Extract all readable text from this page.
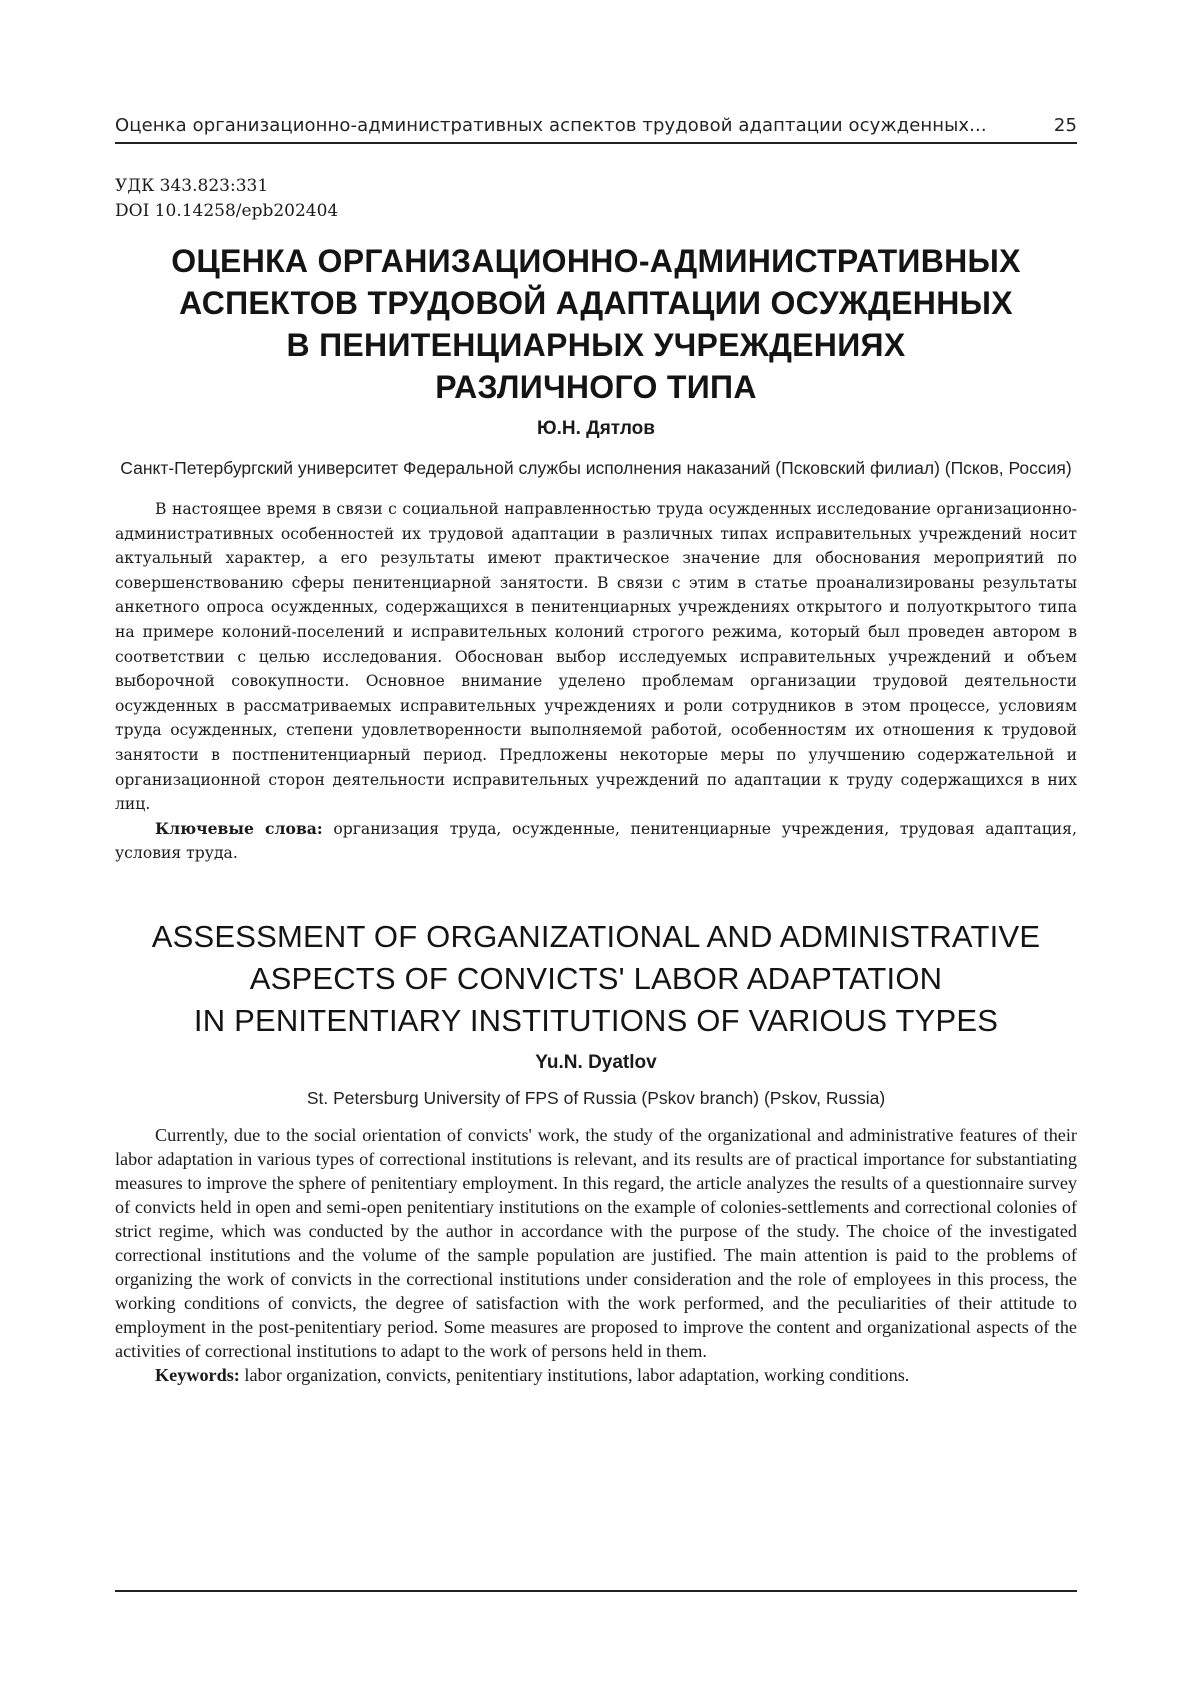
Оценка организационно-административных аспектов трудовой адаптации осужденных...	25
УДК 343.823:331
DOI 10.14258/epb202404
ОЦЕНКА ОРГАНИЗАЦИОННО-АДМИНИСТРАТИВНЫХ
АСПЕКТОВ ТРУДОВОЙ АДАПТАЦИИ ОСУЖДЕННЫХ
В ПЕНИТЕНЦИАРНЫХ УЧРЕЖДЕНИЯХ
РАЗЛИЧНОГО ТИПА
Ю.Н. Дятлов
Санкт-Петербургский университет Федеральной службы исполнения наказаний (Псковский филиал) (Псков, Россия)

В настоящее время в связи с социальной направленностью труда осужденных исследование организационно-административных особенностей их трудовой адаптации в различных типах исправительных учреждений носит актуальный характер, а его результаты имеют практическое значение для обоснования мероприятий по совершенствованию сферы пенитенциарной занятости. В связи с этим в статье проанализированы результаты анкетного опроса осужденных, содержащихся в пенитенциарных учреждениях открытого и полуоткрытого типа на примере колоний-поселений и исправительных колоний строгого режима, который был проведен автором в соответствии с целью исследования. Обоснован выбор исследуемых исправительных учреждений и объем выборочной совокупности. Основное внимание уделено проблемам организации трудовой деятельности осужденных в рассматриваемых исправительных учреждениях и роли сотрудников в этом процессе, условиям труда осужденных, степени удовлетворенности выполняемой работой, особенностям их отношения к трудовой занятости в постпенитенциарный период. Предложены некоторые меры по улучшению содержательной и организационной сторон деятельности исправительных учреждений по адаптации к труду содержащихся в них лиц.

Ключевые слова: организация труда, осужденные, пенитенциарные учреждения, трудовая адаптация, условия труда.

ASSESSMENT OF ORGANIZATIONAL AND ADMINISTRATIVE
ASPECTS OF CONVICTS' LABOR ADAPTATION
IN PENITENTIARY INSTITUTIONS OF VARIOUS TYPES
Yu.N. Dyatlov
St. Petersburg University of FPS of Russia (Pskov branch) (Pskov, Russia)

Currently, due to the social orientation of convicts' work, the study of the organizational and administrative features of their labor adaptation in various types of correctional institutions is relevant, and its results are of practical importance for substantiating measures to improve the sphere of penitentiary employment. In this regard, the article analyzes the results of a questionnaire survey of convicts held in open and semi-open penitentiary institutions on the example of colonies-settlements and correctional colonies of strict regime, which was conducted by the author in accordance with the purpose of the study. The choice of the investigated correctional institutions and the volume of the sample population are justified. The main attention is paid to the problems of organizing the work of convicts in the correctional institutions under consideration and the role of employees in this process, the working conditions of convicts, the degree of satisfaction with the work performed, and the peculiarities of their attitude to employment in the post-penitentiary period. Some measures are proposed to improve the content and organizational aspects of the activities of correctional institutions to adapt to the work of persons held in them.

Keywords: labor organization, convicts, penitentiary institutions, labor adaptation, working conditions.
